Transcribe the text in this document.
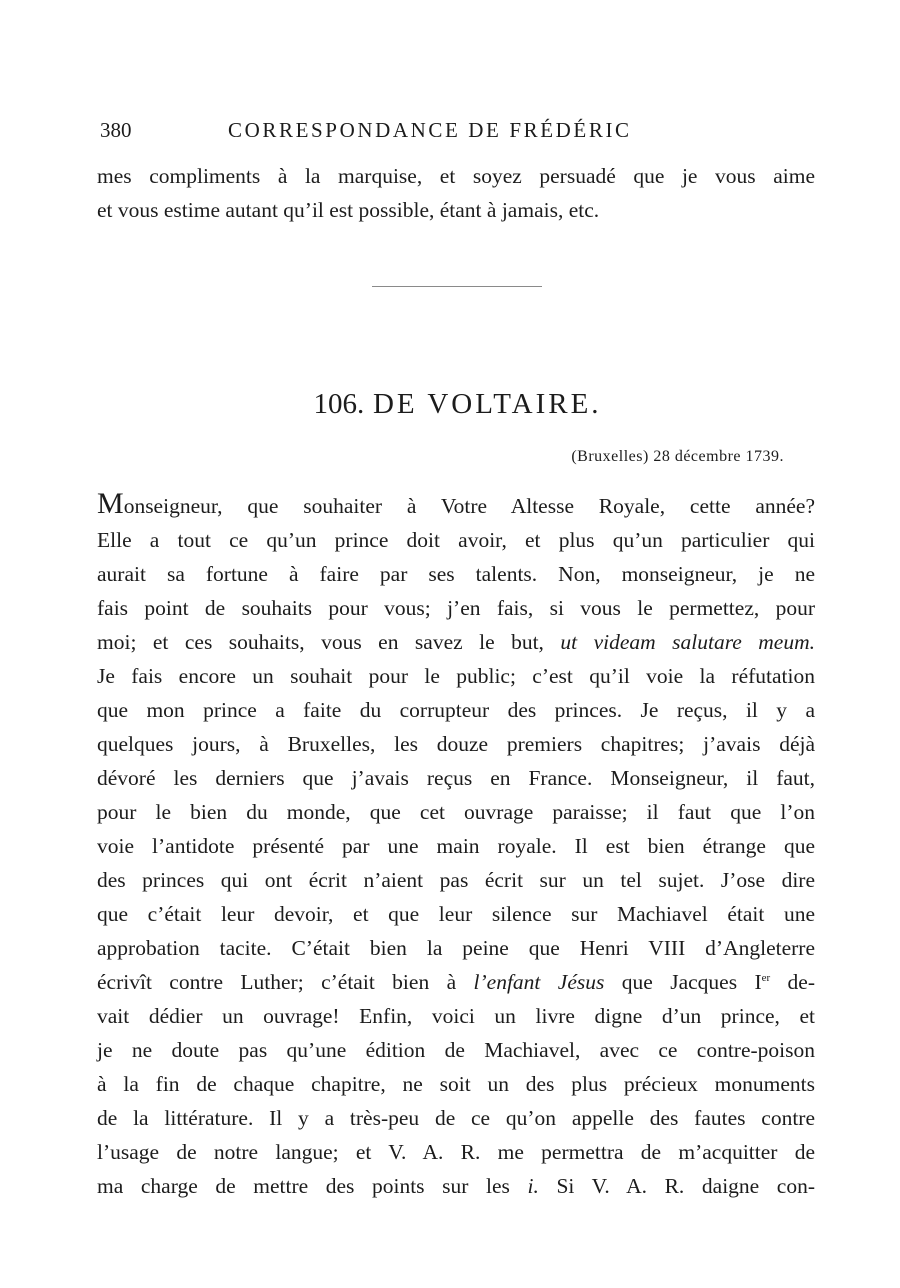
380	CORRESPONDANCE DE FRÉDÉRIC
mes compliments à la marquise, et soyez persuadé que je vous aime
et vous estime autant qu’il est possible, étant à jamais, etc.
106. DE VOLTAIRE.
(Bruxelles) 28 décembre 1739.
Monseigneur, que souhaiter à Votre Altesse Royale, cette année?
Elle a tout ce qu’un prince doit avoir, et plus qu’un particulier qui
aurait sa fortune à faire par ses talents. Non, monseigneur, je ne
fais point de souhaits pour vous; j’en fais, si vous le permettez, pour
moi; et ces souhaits, vous en savez le but, ut videam salutare meum.
Je fais encore un souhait pour le public; c’est qu’il voie la réfutation
que mon prince a faite du corrupteur des princes. Je reçus, il y a
quelques jours, à Bruxelles, les douze premiers chapitres; j’avais déjà
dévoré les derniers que j’avais reçus en France. Monseigneur, il faut,
pour le bien du monde, que cet ouvrage paraisse; il faut que l’on
voie l’antidote présenté par une main royale. Il est bien étrange que
des princes qui ont écrit n’aient pas écrit sur un tel sujet. J’ose dire
que c’était leur devoir, et que leur silence sur Machiavel était une
approbation tacite. C’était bien la peine que Henri VIII d’Angleterre
écrivît contre Luther; c’était bien à l’enfant Jésus que Jacques Ier de-
vait dédier un ouvrage! Enfin, voici un livre digne d’un prince, et
je ne doute pas qu’une édition de Machiavel, avec ce contre-poison
à la fin de chaque chapitre, ne soit un des plus précieux monuments
de la littérature. Il y a très-peu de ce qu’on appelle des fautes contre
l’usage de notre langue; et V. A. R. me permettra de m’acquitter de
ma charge de mettre des points sur les i. Si V. A. R. daigne con-
